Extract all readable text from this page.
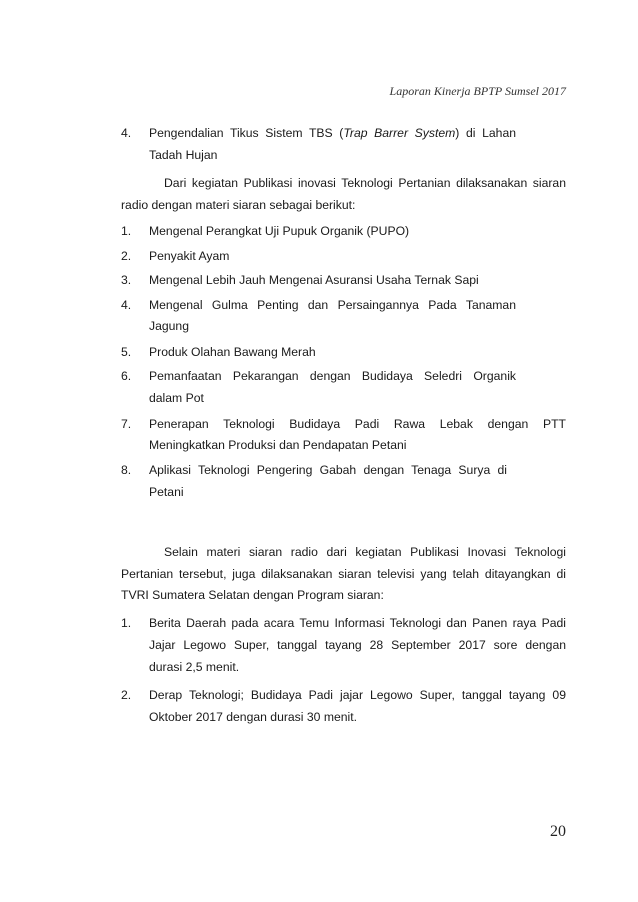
Laporan Kinerja BPTP Sumsel 2017
4. Pengendalian Tikus Sistem TBS (Trap Barrer System) di Lahan
Tadah Hujan
Dari kegiatan Publikasi inovasi Teknologi Pertanian dilaksanakan siaran
radio dengan materi siaran sebagai berikut:
1. Mengenal Perangkat Uji Pupuk Organik (PUPO)
2. Penyakit Ayam
3. Mengenal Lebih Jauh Mengenai Asuransi Usaha Ternak Sapi
4. Mengenal Gulma Penting dan Persaingannya Pada Tanaman
Jagung
5. Produk Olahan Bawang Merah
6. Pemanfaatan Pekarangan dengan Budidaya Seledri Organik
dalam Pot
7. Penerapan Teknologi Budidaya Padi Rawa Lebak dengan PTT
Meningkatkan Produksi dan Pendapatan Petani
8. Aplikasi Teknologi Pengering Gabah dengan Tenaga Surya di
Petani
Selain materi siaran radio dari kegiatan Publikasi Inovasi Teknologi
Pertanian tersebut, juga dilaksanakan siaran televisi yang telah ditayangkan di
TVRI Sumatera Selatan dengan Program siaran:
1. Berita Daerah pada acara Temu Informasi Teknologi dan Panen raya Padi
Jajar Legowo Super, tanggal tayang 28 September 2017 sore dengan
durasi 2,5 menit.
2. Derap Teknologi; Budidaya Padi jajar Legowo Super, tanggal tayang 09
Oktober 2017 dengan durasi 30 menit.
20
